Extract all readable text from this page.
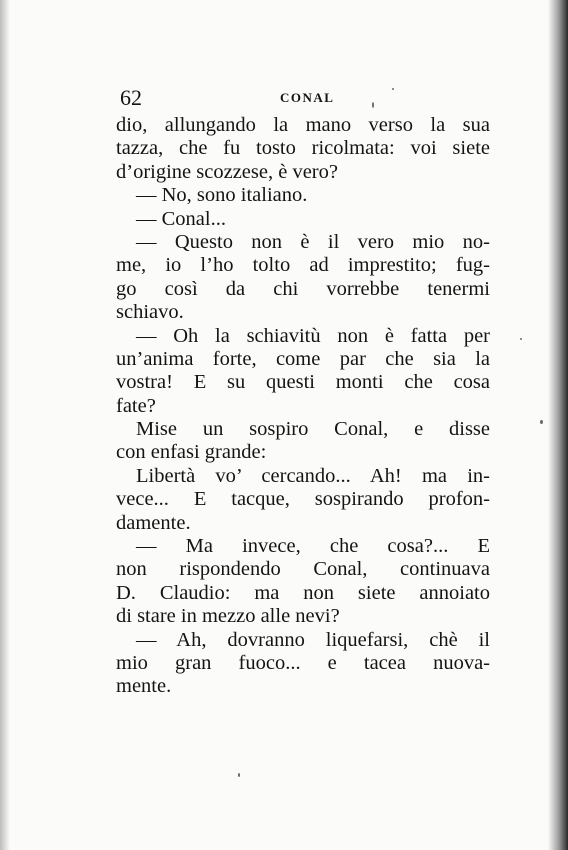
62	CONAL
dio, allungando la mano verso la sua
tazza, che fu tosto ricolmata: voi siete
d’origine scozzese, è vero?
— No, sono italiano.
— Conal...
— Questo non è il vero mio no-
me, io l’ho tolto ad imprestito; fug-
go così da chi vorrebbe tenermi
schiavo.
— Oh la schiavitù non è fatta per
un’anima forte, come par che sia la
vostra! E su questi monti che cosa
fate?
Mise un sospiro Conal, e disse
con enfasi grande:
Libertà vo’ cercando... Ah! ma in-
vece... E tacque, sospirando profon-
damente.
— Ma invece, che cosa?... E
non rispondendo Conal, continuava
D. Claudio: ma non siete annoiato
di stare in mezzo alle nevi?
— Ah, dovranno liquefarsi, chè il
mio gran fuoco... e tacea nuova-
mente.
